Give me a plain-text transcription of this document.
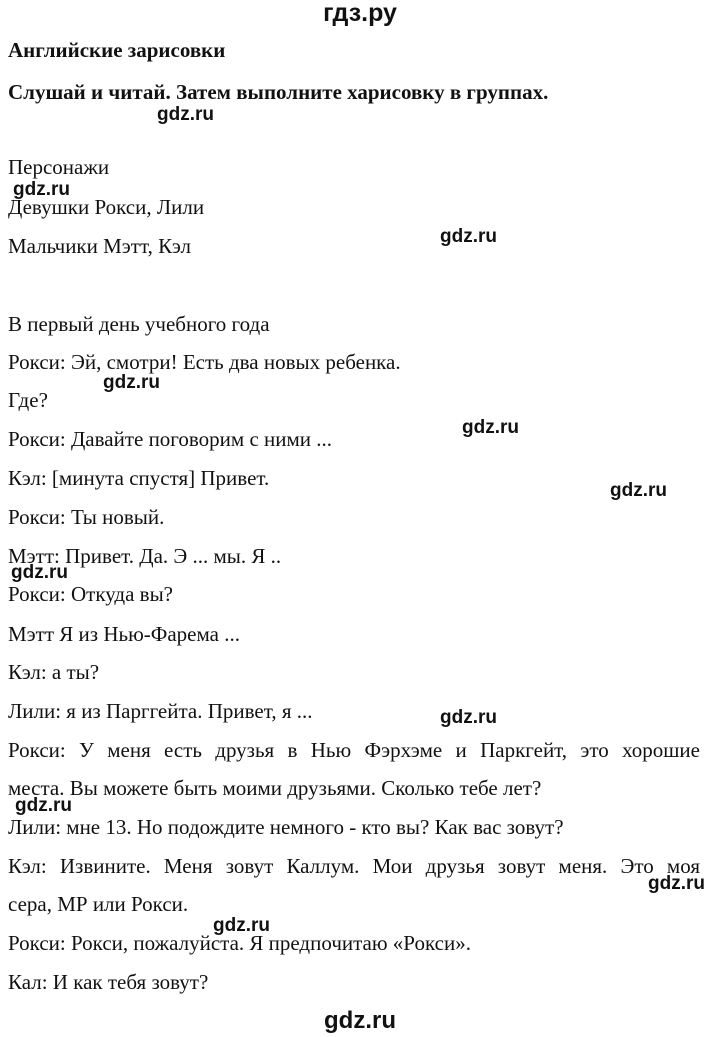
гдз.ру
Английские зарисовки
Слушай и читай. Затем выполните харисовку в группах.
Персонажи
Девушки Рокси, Лили
Мальчики Мэтт, Кэл
В первый день учебного года
Рокси: Эй, смотри! Есть два новых ребенка.
Где?
Рокси: Давайте поговорим с ними ...
Кэл: [минута спустя] Привет.
Рокси: Ты новый.
Мэтт: Привет. Да. Э ... мы. Я ..
Рокси: Откуда вы?
Мэтт Я из Нью-Фарема ...
Кэл: а ты?
Лили: я из Парггейта. Привет, я ...
Рокси: У меня есть друзья в Нью Фэрхэме и Паркгейт, это хорошие
места. Вы можете быть моими друзьями. Сколько тебе лет?
Лили: мне 13. Но подождите немного - кто вы? Как вас зовут?
Кэл: Извините. Меня зовут Каллум. Мои друзья зовут меня. Это моя
сера, МР или Рокси.
Рокси: Рокси, пожалуйста. Я предпочитаю «Рокси».
Кал: И как тебя зовут?
gdz.ru
gdz.ru
gdz.ru
gdz.ru
gdz.ru
gdz.ru
gdz.ru
gdz.ru
gdz.ru
gdz.ru
gdz.ru
gdz.ru
